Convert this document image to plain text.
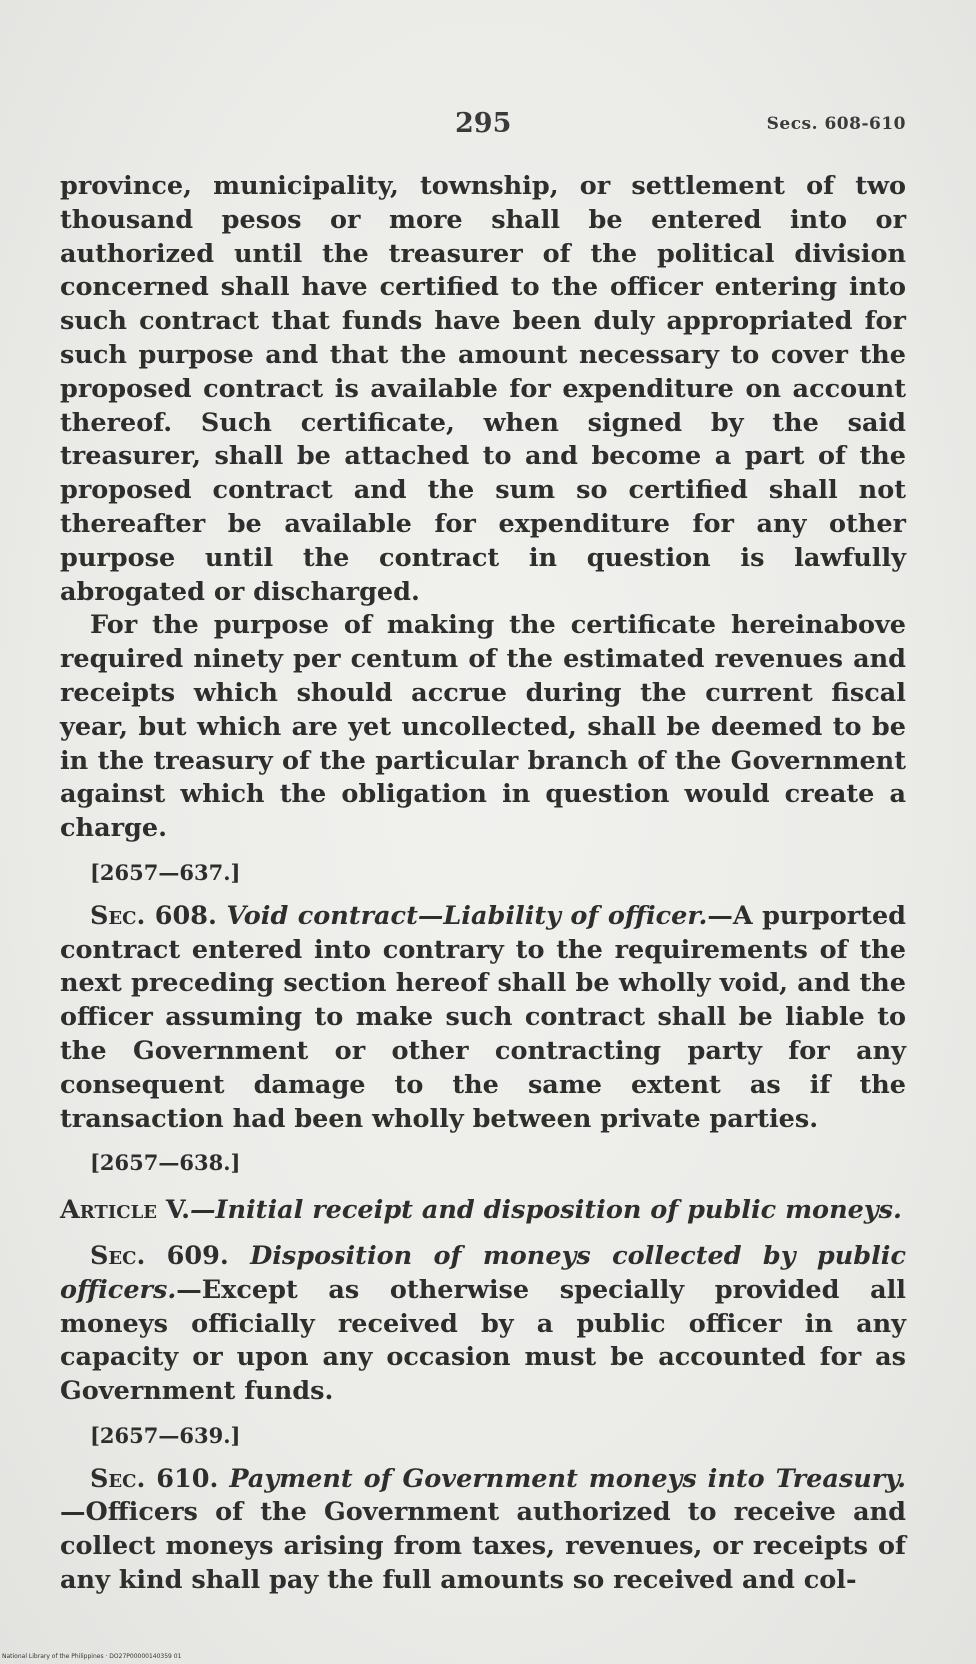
295	Secs. 608-610

province, municipality, township, or settlement of two thousand pesos or more shall be entered into or authorized until the treasurer of the political division concerned shall have certified to the officer entering into such contract that funds have been duly appropriated for such purpose and that the amount necessary to cover the proposed contract is available for expenditure on account thereof. Such certificate, when signed by the said treasurer, shall be attached to and become a part of the proposed contract and the sum so certified shall not thereafter be available for expenditure for any other purpose until the contract in question is lawfully abrogated or discharged.

For the purpose of making the certificate hereinabove required ninety per centum of the estimated revenues and receipts which should accrue during the current fiscal year, but which are yet uncollected, shall be deemed to be in the treasury of the particular branch of the Government against which the obligation in question would create a charge.

[2657—637.]

Sec. 608. Void contract—Liability of officer.—A purported contract entered into contrary to the requirements of the next preceding section hereof shall be wholly void, and the officer assuming to make such contract shall be liable to the Government or other contracting party for any consequent damage to the same extent as if the transaction had been wholly between private parties.

[2657—638.]

Article V.—Initial receipt and disposition of public moneys.

Sec. 609. Disposition of moneys collected by public officers.—Except as otherwise specially provided all moneys officially received by a public officer in any capacity or upon any occasion must be accounted for as Government funds.

[2657—639.]

Sec. 610. Payment of Government moneys into Treasury.—Officers of the Government authorized to receive and collect moneys arising from taxes, revenues, or receipts of any kind shall pay the full amounts so received and col-

National Library of the Philippines · DO27P00000140359 01
